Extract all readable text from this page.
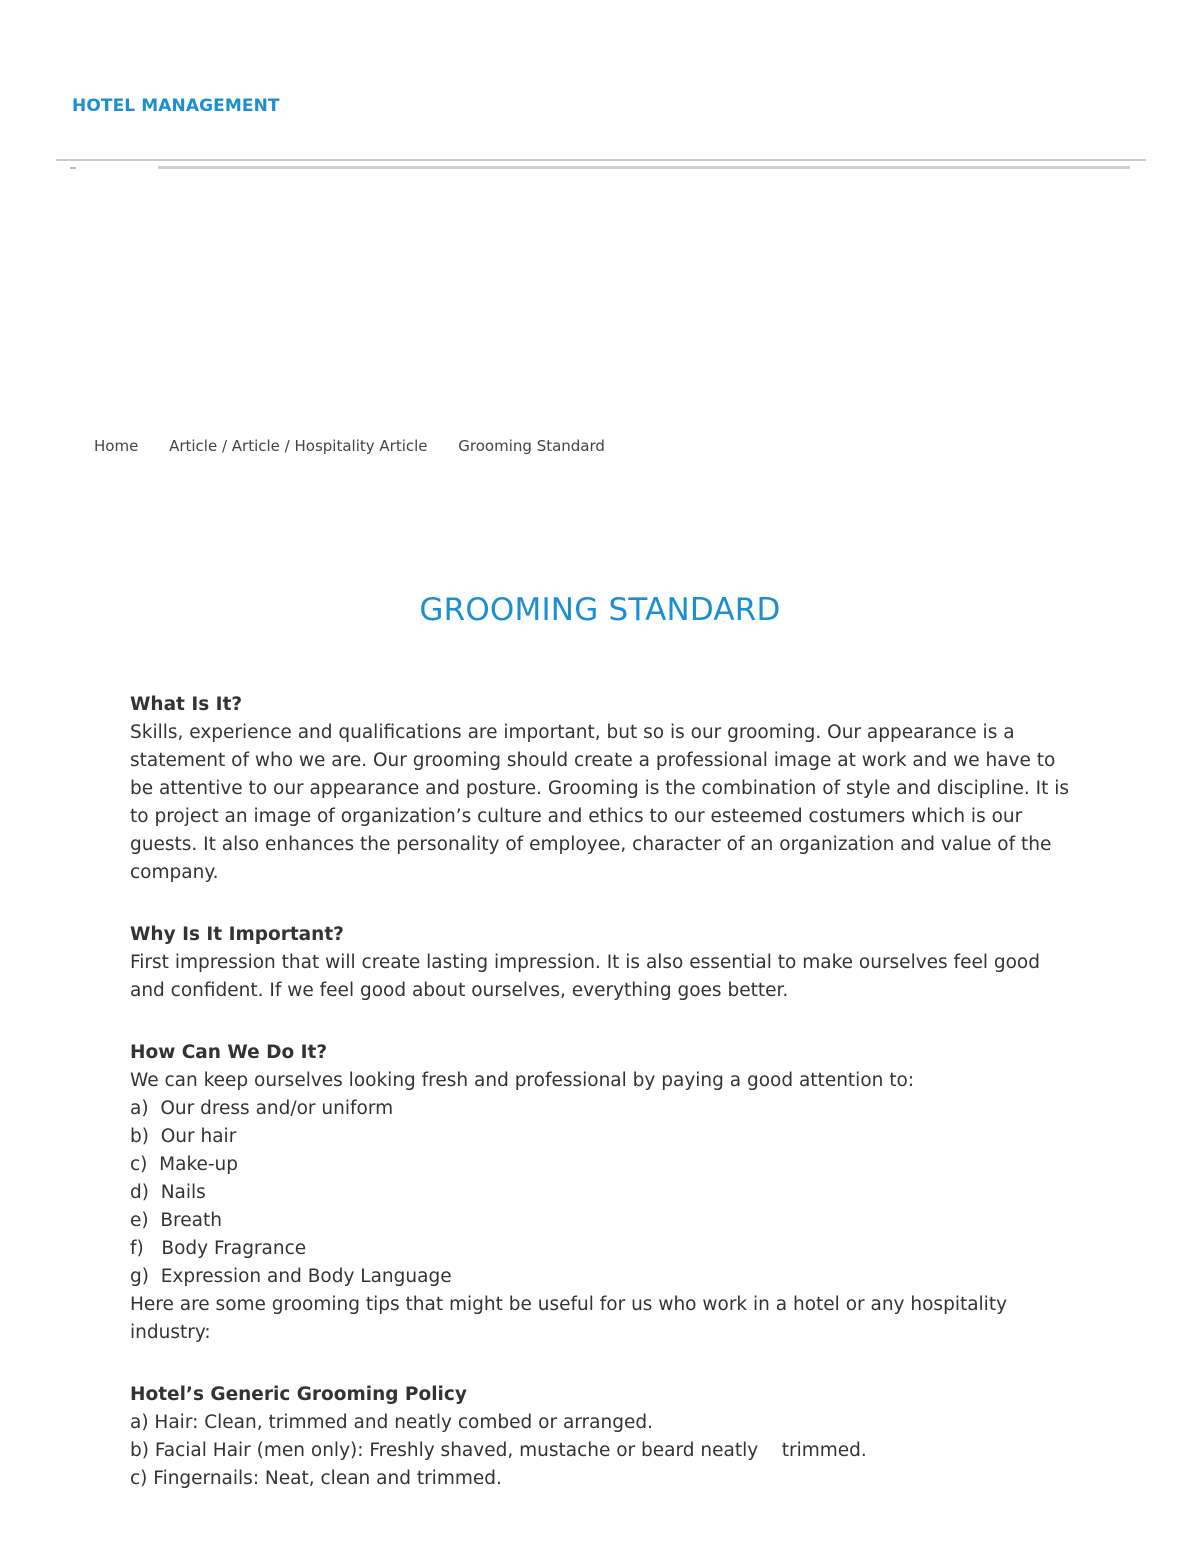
HOTEL MANAGEMENT
Home Article / Article / Hospitality Article Grooming Standard
GROOMING STANDARD

What Is It?

Skills, experience and qualifications are important, but so is our grooming. Our appearance is a statement of who we are. Our grooming should create a professional image at work and we have to be attentive to our appearance and posture. Grooming is the combination of style and discipline. It is to project an image of organization’s culture and ethics to our esteemed costumers which is our guests. It also enhances the personality of employee, character of an organization and value of the company.

Why Is It Important?

First impression that will create lasting impression. It is also essential to make ourselves feel good and confident. If we feel good about ourselves, everything goes better.

How Can We Do It?

We can keep ourselves looking fresh and professional by paying a good attention to:

a)  Our dress and/or uniform

b)  Our hair

c)  Make-up

d)  Nails

e)  Breath

f)   Body Fragrance

g)  Expression and Body Language

Here are some grooming tips that might be useful for us who work in a hotel or any hospitality industry:

Hotel’s Generic Grooming Policy

a) Hair: Clean, trimmed and neatly combed or arranged.

b) Facial Hair (men only): Freshly shaved, mustache or beard neatly    trimmed.

c) Fingernails: Neat, clean and trimmed.
